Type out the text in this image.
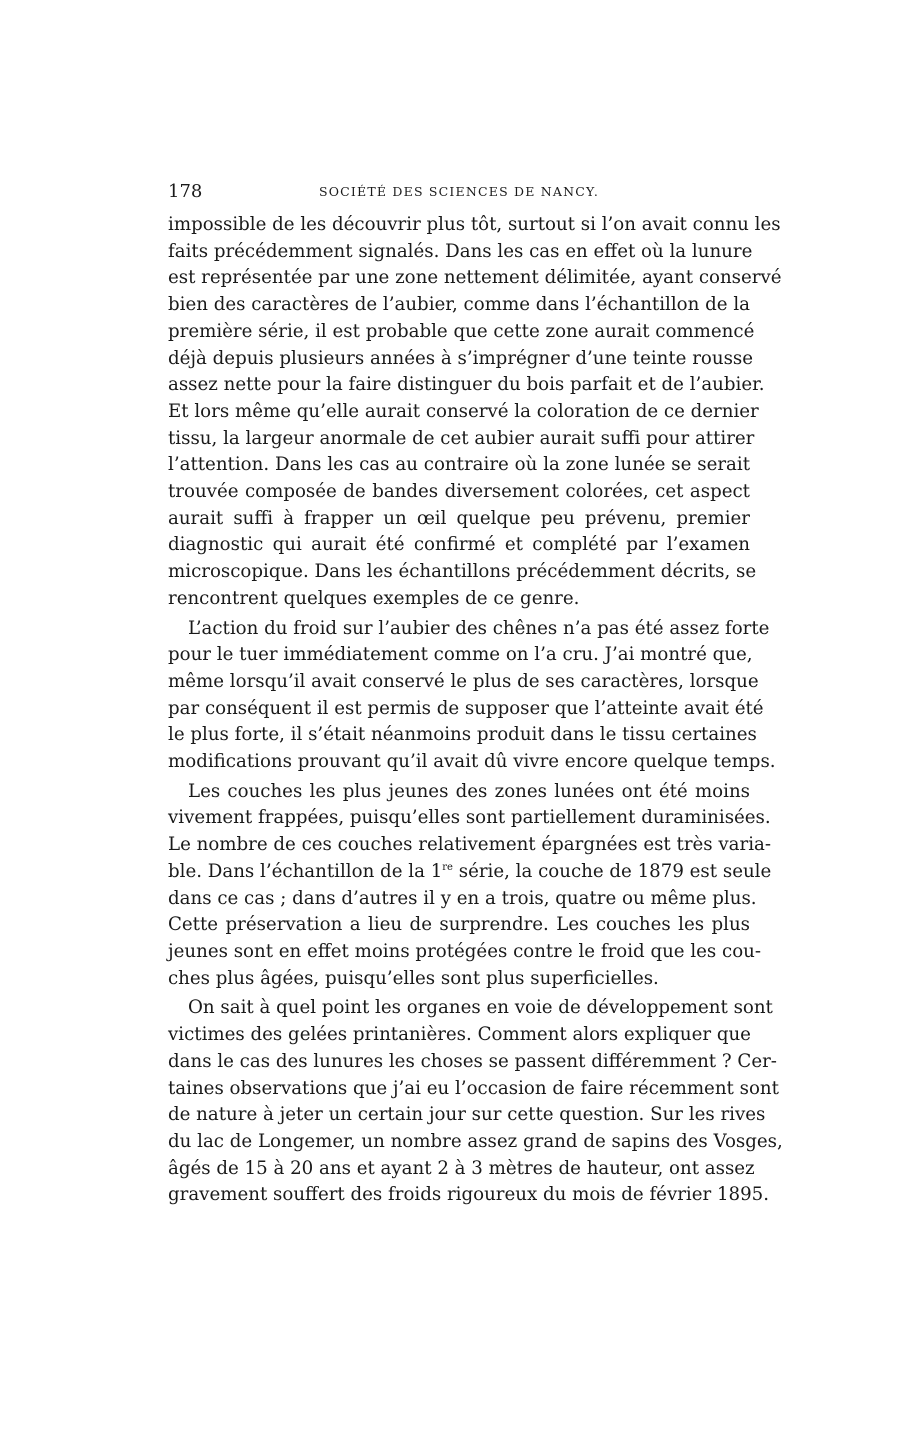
178	SOCIÉTÉ DES SCIENCES DE NANCY.

impossible de les découvrir plus tôt, surtout si l’on avait connu les
faits précédemment signalés. Dans les cas en effet où la lunure
est représentée par une zone nettement délimitée, ayant conservé
bien des caractères de l’aubier, comme dans l’échantillon de la
première série, il est probable que cette zone aurait commencé
déjà depuis plusieurs années à s’imprégner d’une teinte rousse
assez nette pour la faire distinguer du bois parfait et de l’aubier.
Et lors même qu’elle aurait conservé la coloration de ce dernier
tissu, la largeur anormale de cet aubier aurait suffi pour attirer
l’attention. Dans les cas au contraire où la zone lunée se serait
trouvée composée de bandes diversement colorées, cet aspect
aurait suffi à frapper un œil quelque peu prévenu, premier
diagnostic qui aurait été confirmé et complété par l’examen
microscopique. Dans les échantillons précédemment décrits, se
rencontrent quelques exemples de ce genre.

L’action du froid sur l’aubier des chênes n’a pas été assez forte
pour le tuer immédiatement comme on l’a cru. J’ai montré que,
même lorsqu’il avait conservé le plus de ses caractères, lorsque
par conséquent il est permis de supposer que l’atteinte avait été
le plus forte, il s’était néanmoins produit dans le tissu certaines
modifications prouvant qu’il avait dû vivre encore quelque temps.

Les couches les plus jeunes des zones lunées ont été moins
vivement frappées, puisqu’elles sont partiellement duraminisées.
Le nombre de ces couches relativement épargnées est très varia-
ble. Dans l’échantillon de la 1re série, la couche de 1879 est seule
dans ce cas ; dans d’autres il y en a trois, quatre ou même plus.
Cette préservation a lieu de surprendre. Les couches les plus
jeunes sont en effet moins protégées contre le froid que les cou-
ches plus âgées, puisqu’elles sont plus superficielles.

On sait à quel point les organes en voie de développement sont
victimes des gelées printanières. Comment alors expliquer que
dans le cas des lunures les choses se passent différemment ? Cer-
taines observations que j’ai eu l’occasion de faire récemment sont
de nature à jeter un certain jour sur cette question. Sur les rives
du lac de Longemer, un nombre assez grand de sapins des Vosges,
âgés de 15 à 20 ans et ayant 2 à 3 mètres de hauteur, ont assez
gravement souffert des froids rigoureux du mois de février 1895.
